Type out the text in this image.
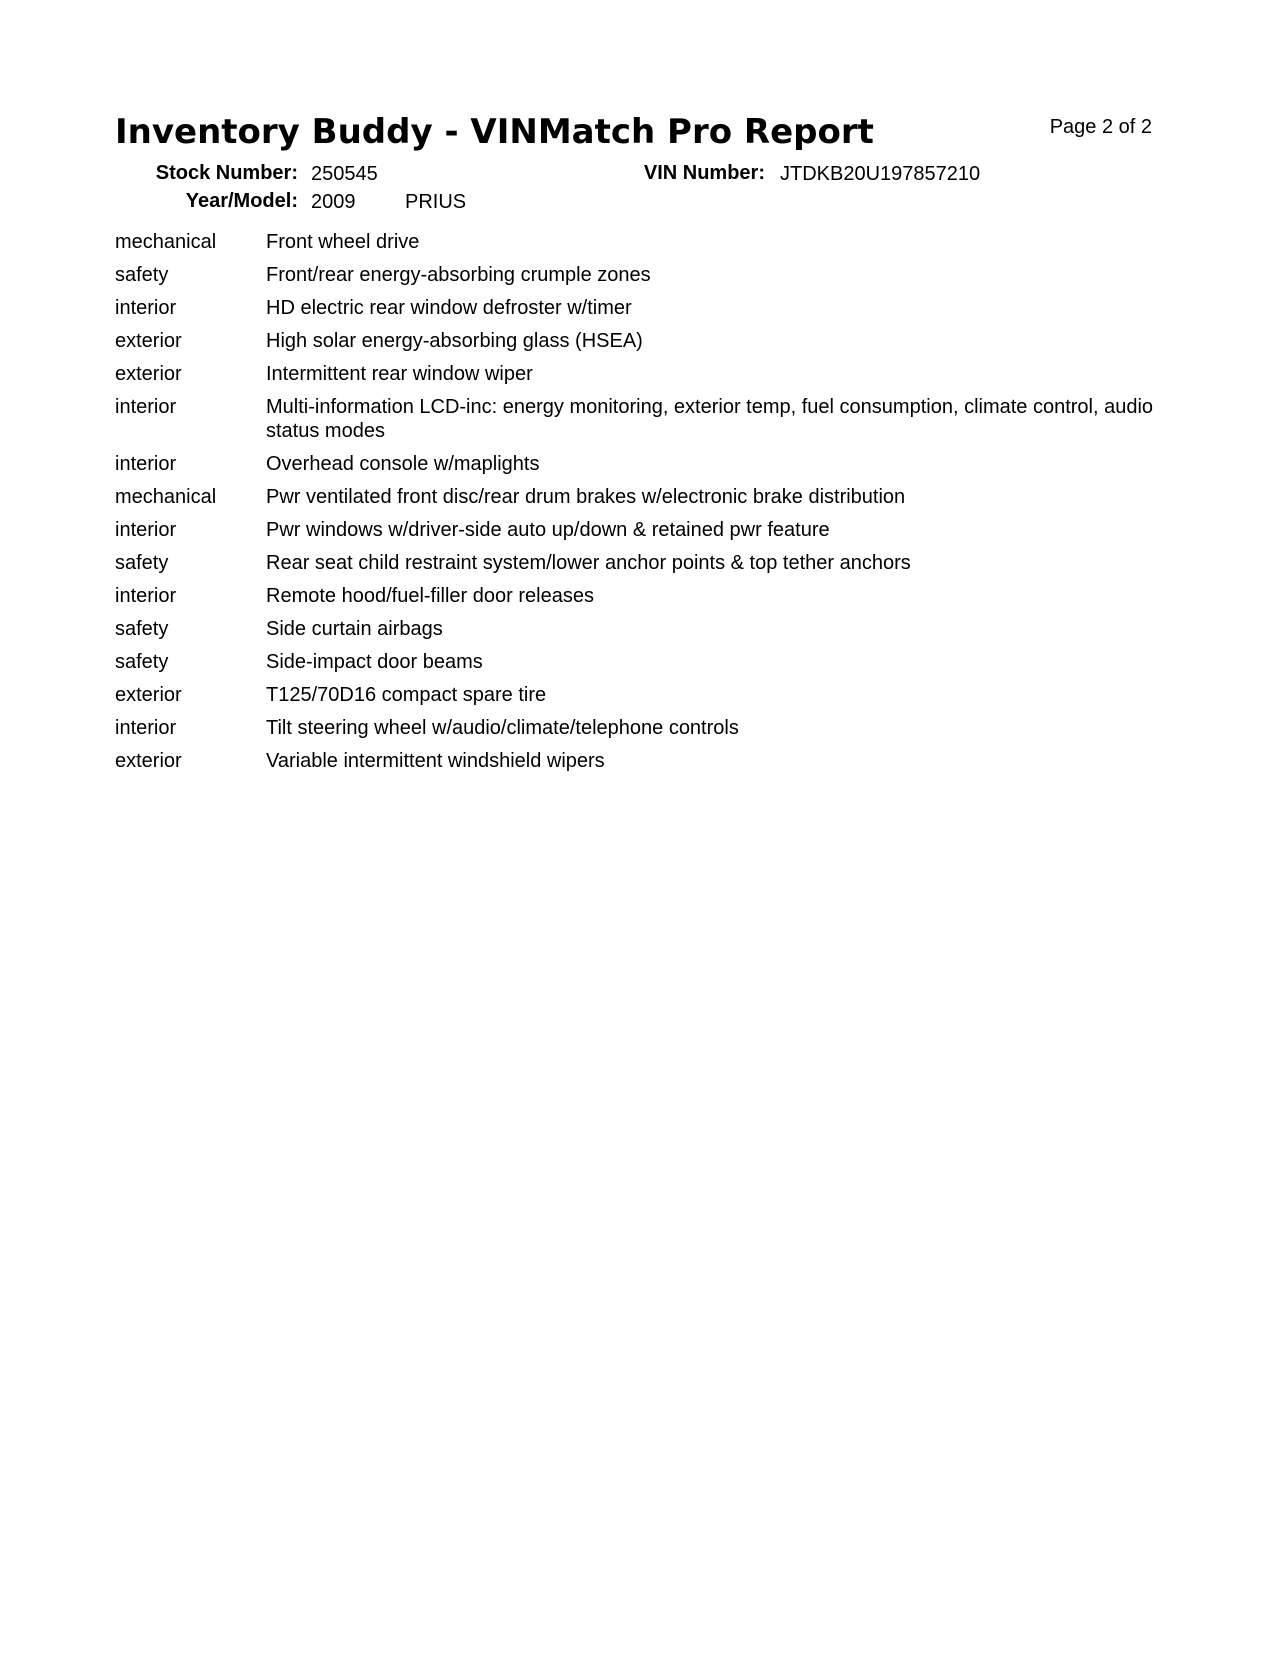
Inventory Buddy - VINMatch Pro Report	Page 2 of 2
Stock Number: 250545	VIN Number: JTDKB20U197857210
Year/Model: 2009 PRIUS
mechanical	Front wheel drive
safety	Front/rear energy-absorbing crumple zones
interior	HD electric rear window defroster w/timer
exterior	High solar energy-absorbing glass (HSEA)
exterior	Intermittent rear window wiper
interior	Multi-information LCD-inc: energy monitoring, exterior temp, fuel consumption, climate control, audio status modes
interior	Overhead console w/maplights
mechanical	Pwr ventilated front disc/rear drum brakes w/electronic brake distribution
interior	Pwr windows w/driver-side auto up/down & retained pwr feature
safety	Rear seat child restraint system/lower anchor points & top tether anchors
interior	Remote hood/fuel-filler door releases
safety	Side curtain airbags
safety	Side-impact door beams
exterior	T125/70D16 compact spare tire
interior	Tilt steering wheel w/audio/climate/telephone controls
exterior	Variable intermittent windshield wipers
